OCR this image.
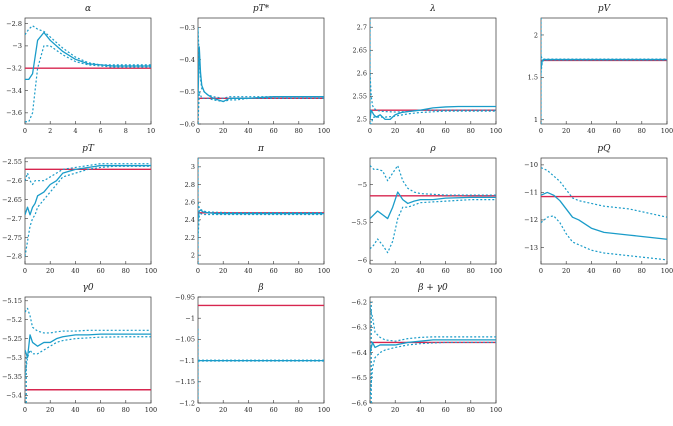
α
0	2	4	6	8	10
−3.6
−3.4
−3.2
−3
−2.8
pT*
0	20	40	60	80 100
−0.6
−0.5
−0.4
−0.3
λ
0	20	40	60	80 100
2.5
2.55
2.6
2.65
2.7
pV
0	20	40	60	80 100
1
1.5
2
pT
0	20	40	60	80 100
−2.8
−2.75
−2.7
−2.65
−2.6
−2.55
π
0	20	40	60	80 100
2
2.2
2.4
2.6
2.8
3
ρ
0	20	40	60	80 100
−6
−5.5
−5
pQ
0	20	40	60	80 100
−13
−12
−11
−10
γ0
0	20	40	60	80 100
−5.4
−5.35
−5.3
−5.25
−5.2
−5.15
β
0	20	40	60	80 100
−1.2
−1.15
−1.1
−1.05
−1
−0.95
β + γ0
0	20	40	60	80 100
−6.6
−6.5
−6.4
−6.3
−6.2
